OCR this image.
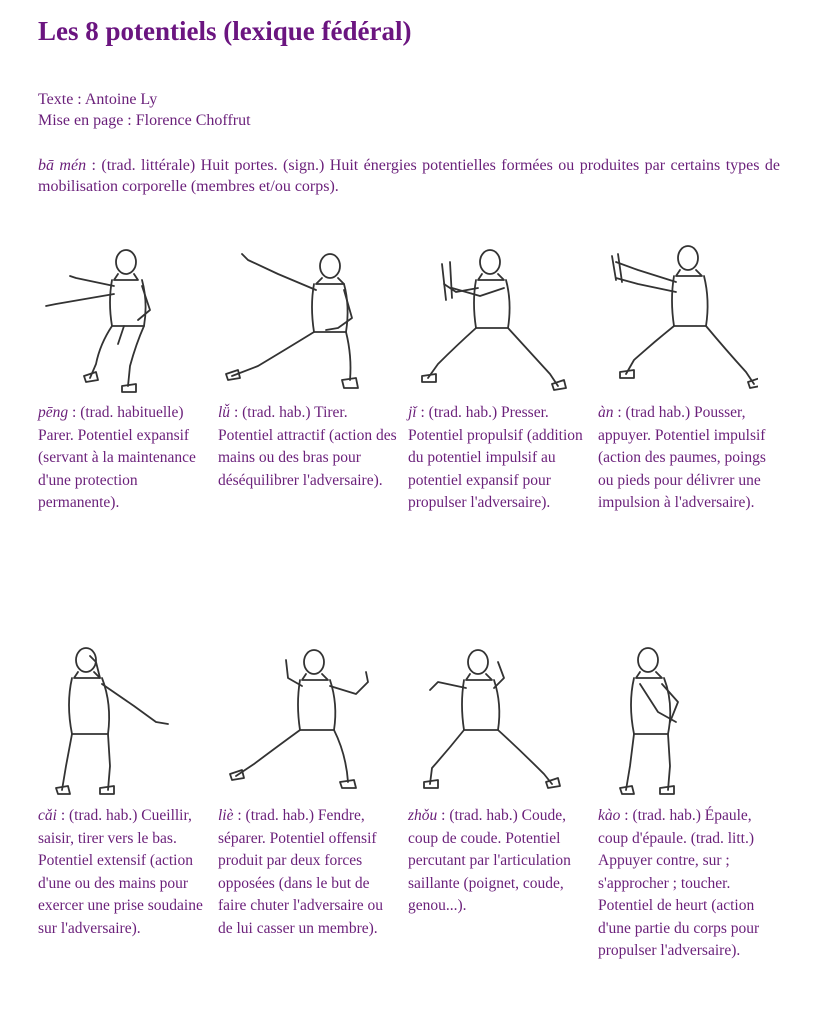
Les 8 potentiels (lexique fédéral)
Texte : Antoine Ly
Mise en page : Florence Choffrut
bā mén : (trad. littérale) Huit portes. (sign.) Huit énergies potentielles formées ou produites par certains types de mobilisation corporelle (membres et/ou corps).
pēng : (trad. habituelle) Parer. Potentiel expansif (servant à la maintenance d'une protection permanente).
lǚ : (trad. hab.) Tirer. Potentiel attractif (action des mains ou des bras pour déséquilibrer l'adversaire).
jǐ : (trad. hab.) Presser. Potentiel propulsif (addition du potentiel impulsif au potentiel expansif pour propulser l'adversaire).
àn : (trad hab.) Pousser, appuyer. Potentiel impulsif (action des paumes, poings ou pieds pour délivrer une impulsion à l'adversaire).
cǎi : (trad. hab.) Cueillir, saisir, tirer vers le bas. Potentiel extensif (action d'une ou des mains pour exercer une prise soudaine sur l'adversaire).
liè : (trad. hab.) Fendre, séparer. Potentiel offensif produit par deux forces opposées (dans le but de faire chuter l'adversaire ou de lui casser un membre).
zhǒu : (trad. hab.) Coude, coup de coude. Potentiel percutant par l'articulation saillante (poignet, coude, genou...).
kào : (trad. hab.) Épaule, coup d'épaule. (trad. litt.) Appuyer contre, sur ; s'approcher ; toucher. Potentiel de heurt (action d'une partie du corps pour propulser l'adversaire).
